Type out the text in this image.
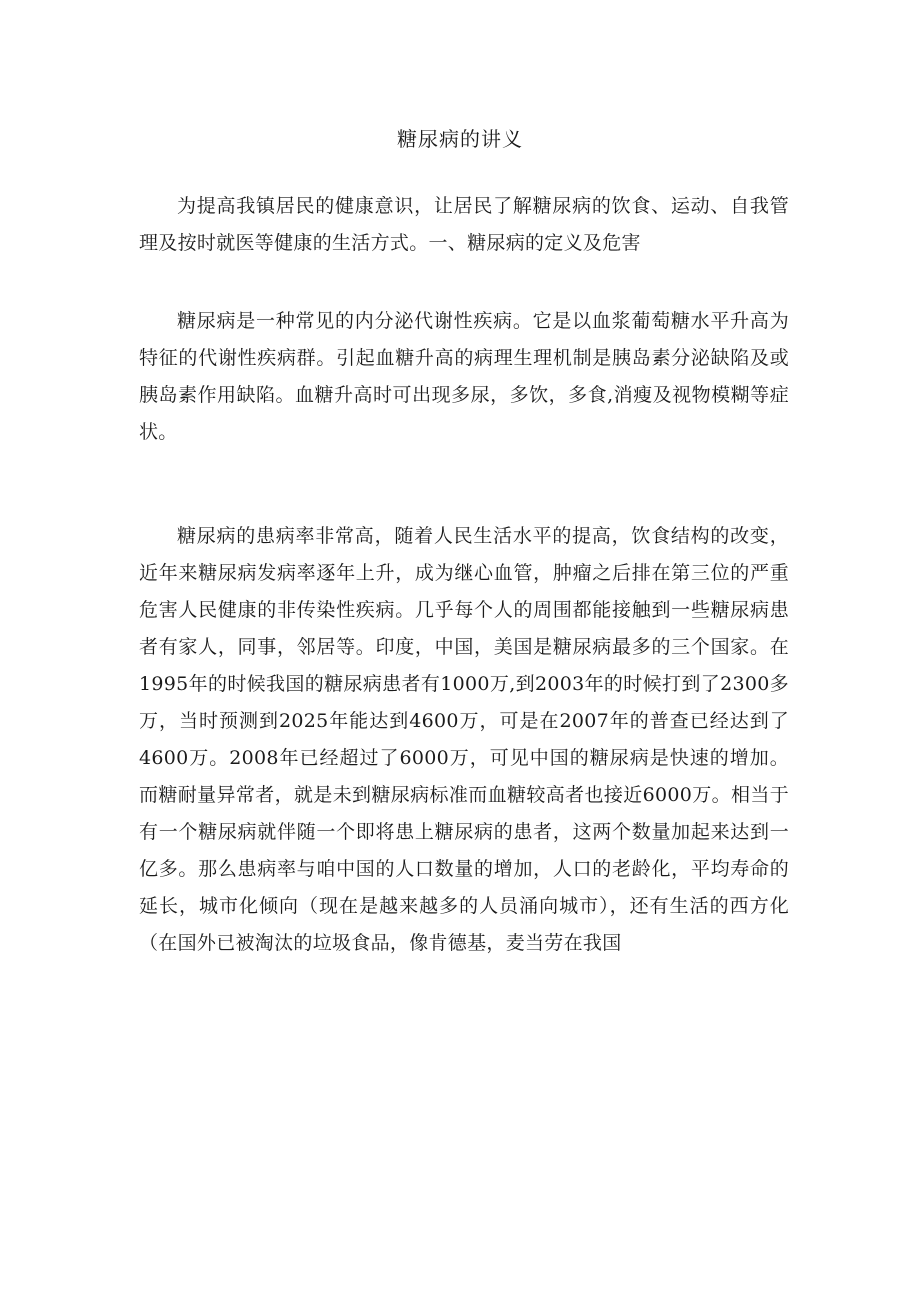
糖尿病的讲义

为提高我镇居民的健康意识，让居民了解糖尿病的饮食、运动、自我管理及按时就医等健康的生活方式。一、糖尿病的定义及危害

糖尿病是一种常见的内分泌代谢性疾病。它是以血浆葡萄糖水平升高为特征的代谢性疾病群。引起血糖升高的病理生理机制是胰岛素分泌缺陷及或胰岛素作用缺陷。血糖升高时可出现多尿，多饮，多食,消瘦及视物模糊等症状。

糖尿病的患病率非常高，随着人民生活水平的提高，饮食结构的改变，近年来糖尿病发病率逐年上升，成为继心血管，肿瘤之后排在第三位的严重危害人民健康的非传染性疾病。几乎每个人的周围都能接触到一些糖尿病患者有家人，同事，邻居等。印度，中国，美国是糖尿病最多的三个国家。在1995年的时候我国的糖尿病患者有1000万,到2003年的时候打到了2300多万，当时预测到2025年能达到4600万，可是在2007年的普查已经达到了4600万。2008年已经超过了6000万，可见中国的糖尿病是快速的增加。而糖耐量异常者，就是未到糖尿病标准而血糖较高者也接近6000万。相当于有一个糖尿病就伴随一个即将患上糖尿病的患者，这两个数量加起来达到一亿多。那么患病率与咱中国的人口数量的增加，人口的老龄化，平均寿命的延长，城市化倾向（现在是越来越多的人员涌向城市），还有生活的西方化（在国外已被淘汰的垃圾食品，像肯德基，麦当劳在我国
